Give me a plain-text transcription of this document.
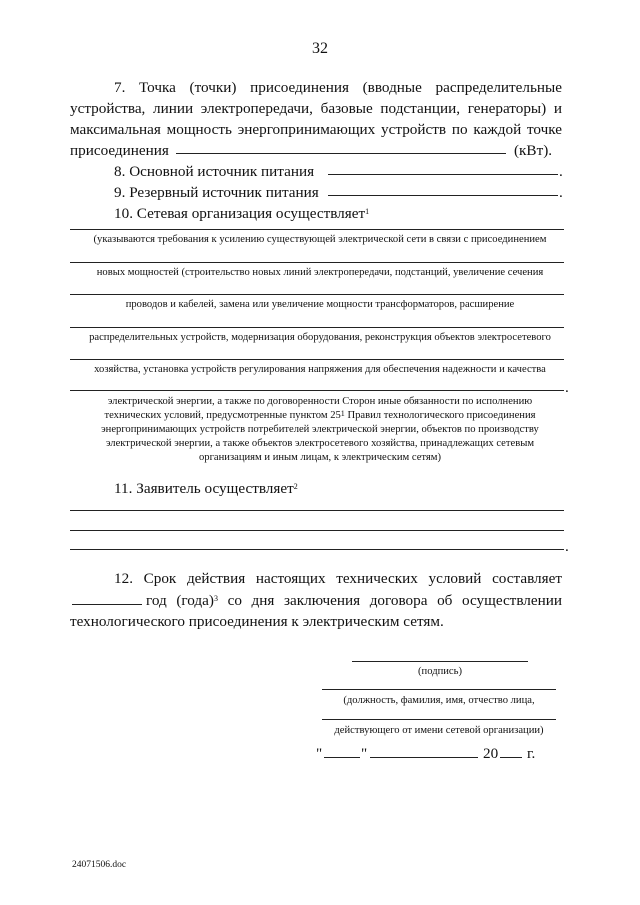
32
7. Точка (точки) присоединения (вводные распределительные
устройства, линии электропередачи, базовые подстанции, генераторы) и
максимальная мощность энергопринимающих устройств по каждой точке
присоединения	(кВт).
8. Основной источник питания	.
9. Резервный источник питания	.
10. Сетевая организация осуществляет$^1$
(указываются требования к усилению существующей электрической сети в связи с присоединением
новых мощностей (строительство новых линий электропередачи, подстанций, увеличение сечения
проводов и кабелей, замена или увеличение мощности трансформаторов, расширение
распределительных устройств, модернизация оборудования, реконструкция объектов электросетевого
хозяйства, установка устройств регулирования напряжения для обеспечения надежности и качества
.
электрической энергии, а также по договоренности Сторон иные обязанности по исполнению
технических условий, предусмотренные пунктом $25^1$ Правил технологического присоединения
энергопринимающих устройств потребителей электрической энергии, объектов по производству
электрической энергии, а также объектов электросетевого хозяйства, принадлежащих сетевым
организациям и иным лицам, к электрическим сетям)
11. Заявитель осуществляет$^2$
.
12. Срок действия настоящих технических условий составляет
год (года)$^3$ со дня заключения договора об осуществлении
технологического присоединения к электрическим сетям.
(подпись)
(должность, фамилия, имя, отчество лица,
действующего от имени сетевой организации)
"	"	20 г.
24071506.doc
